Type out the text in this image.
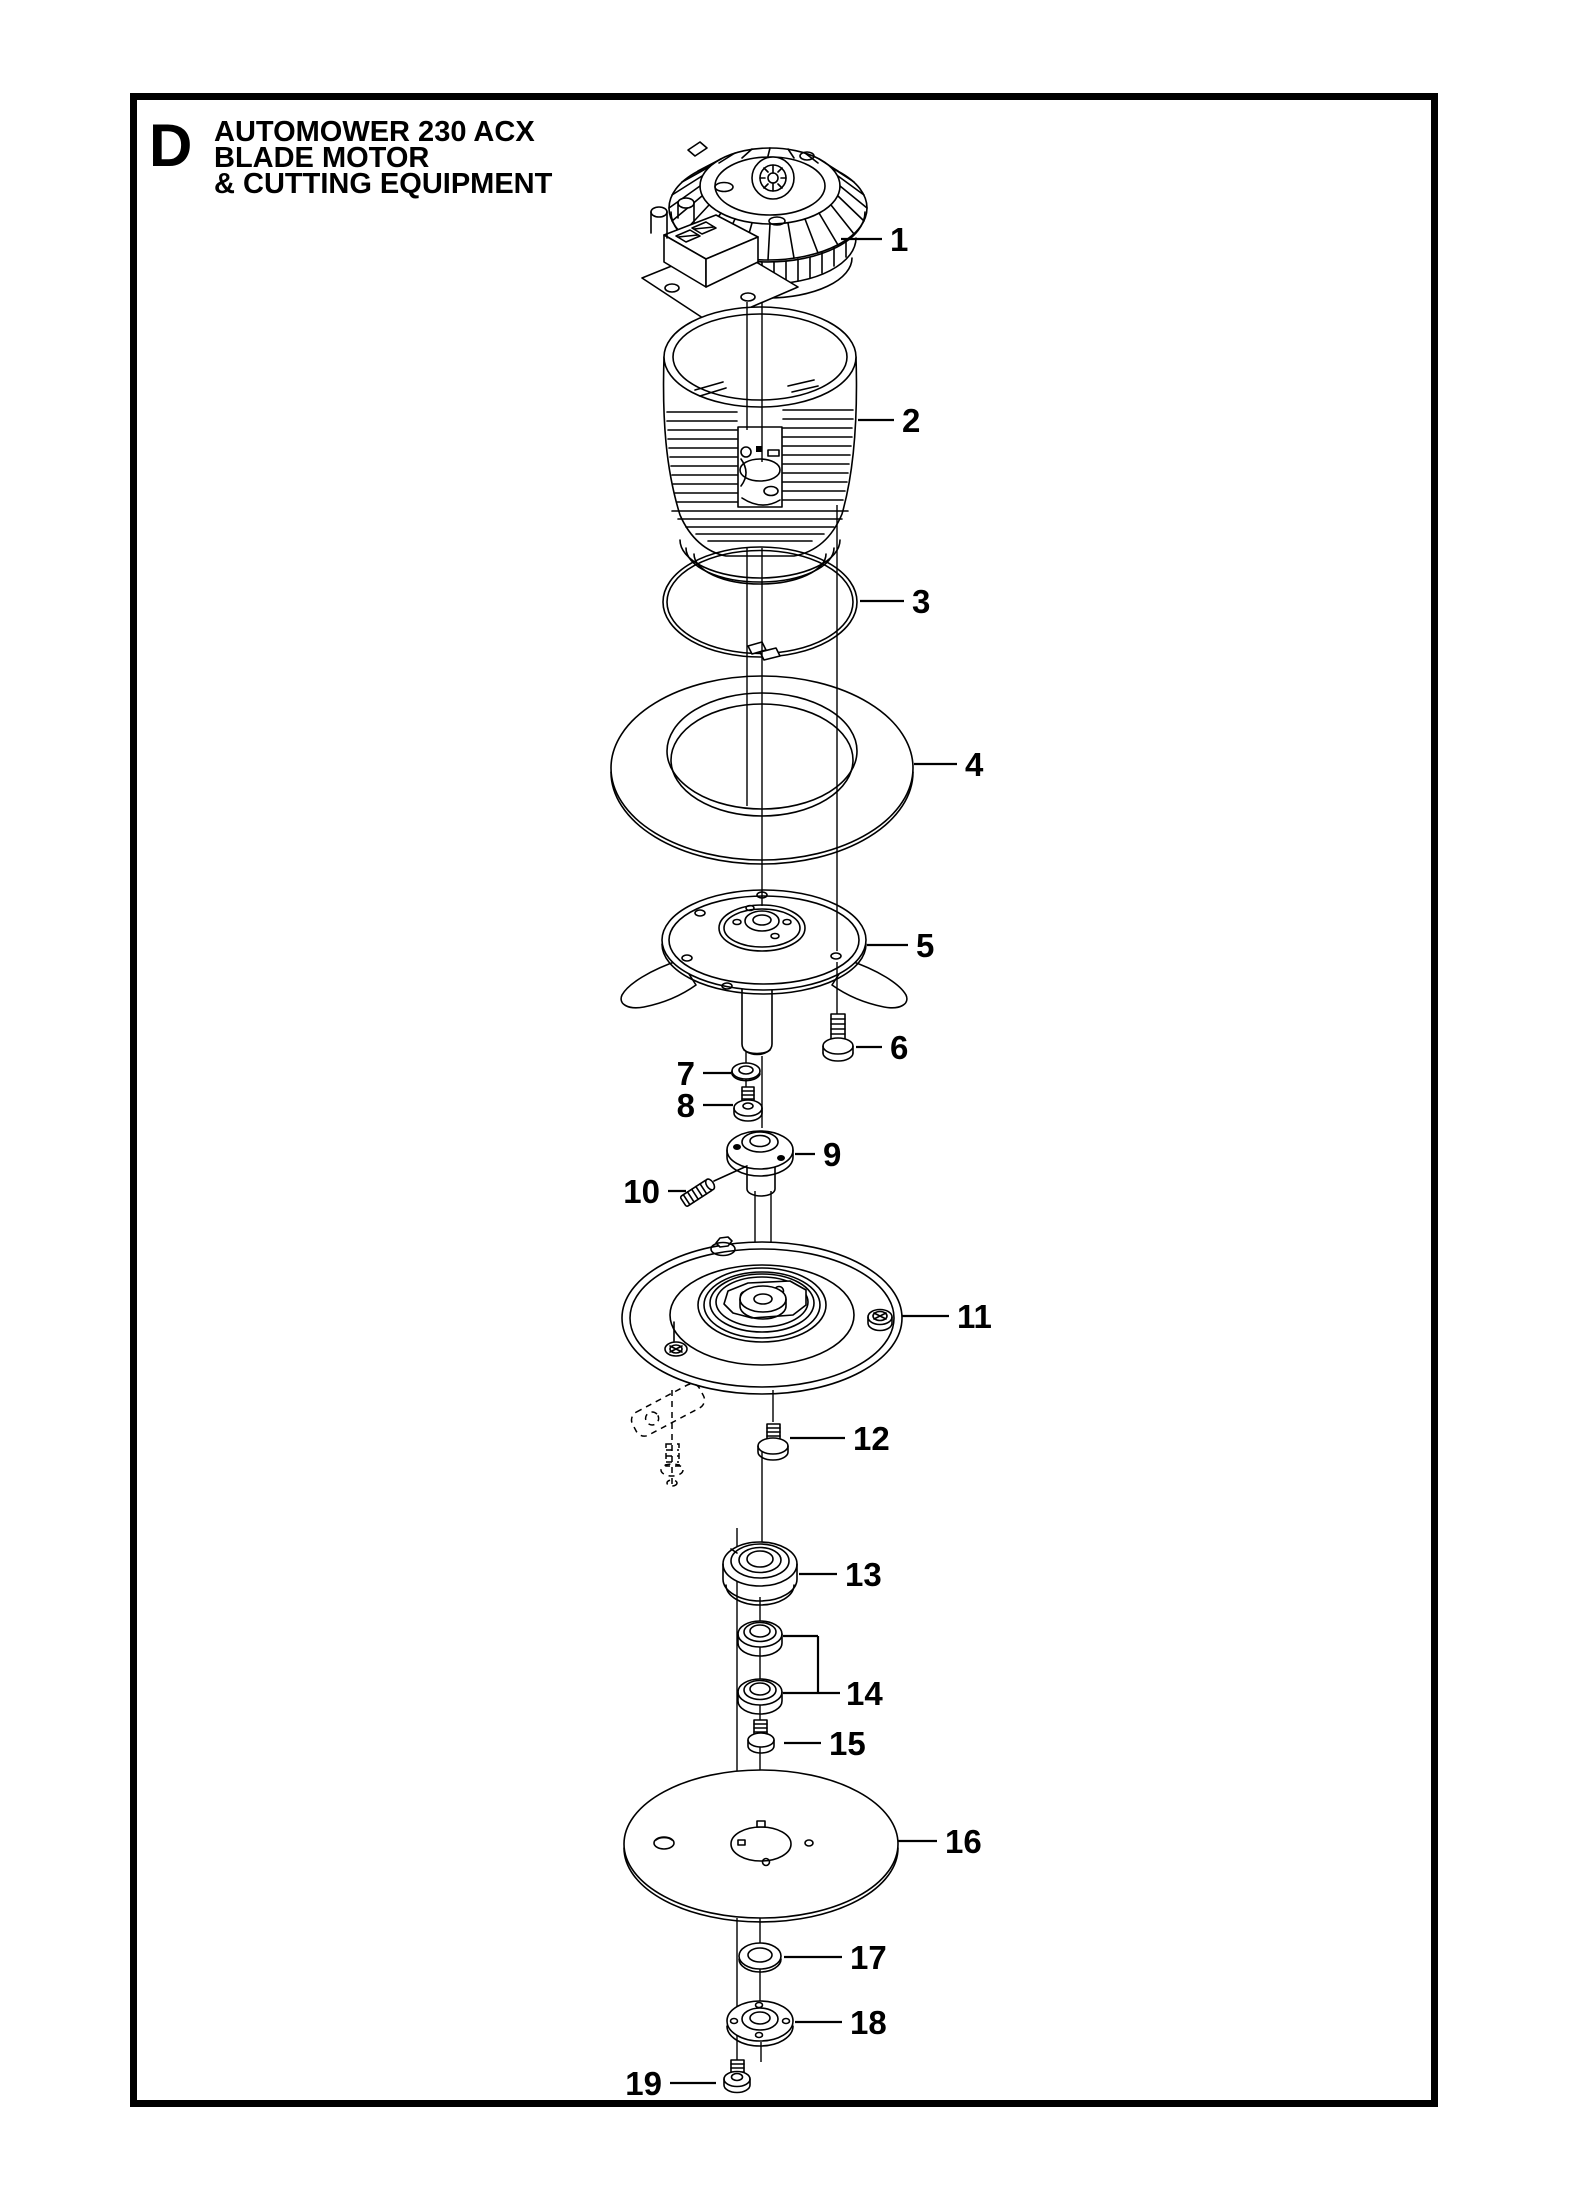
D AUTOMOWER 230 ACX
BLADE MOTOR
& CUTTING EQUIPMENT
1
2
3
4
5
6
7
8
9
10
11
12
13
14
15
16
17
18
19
